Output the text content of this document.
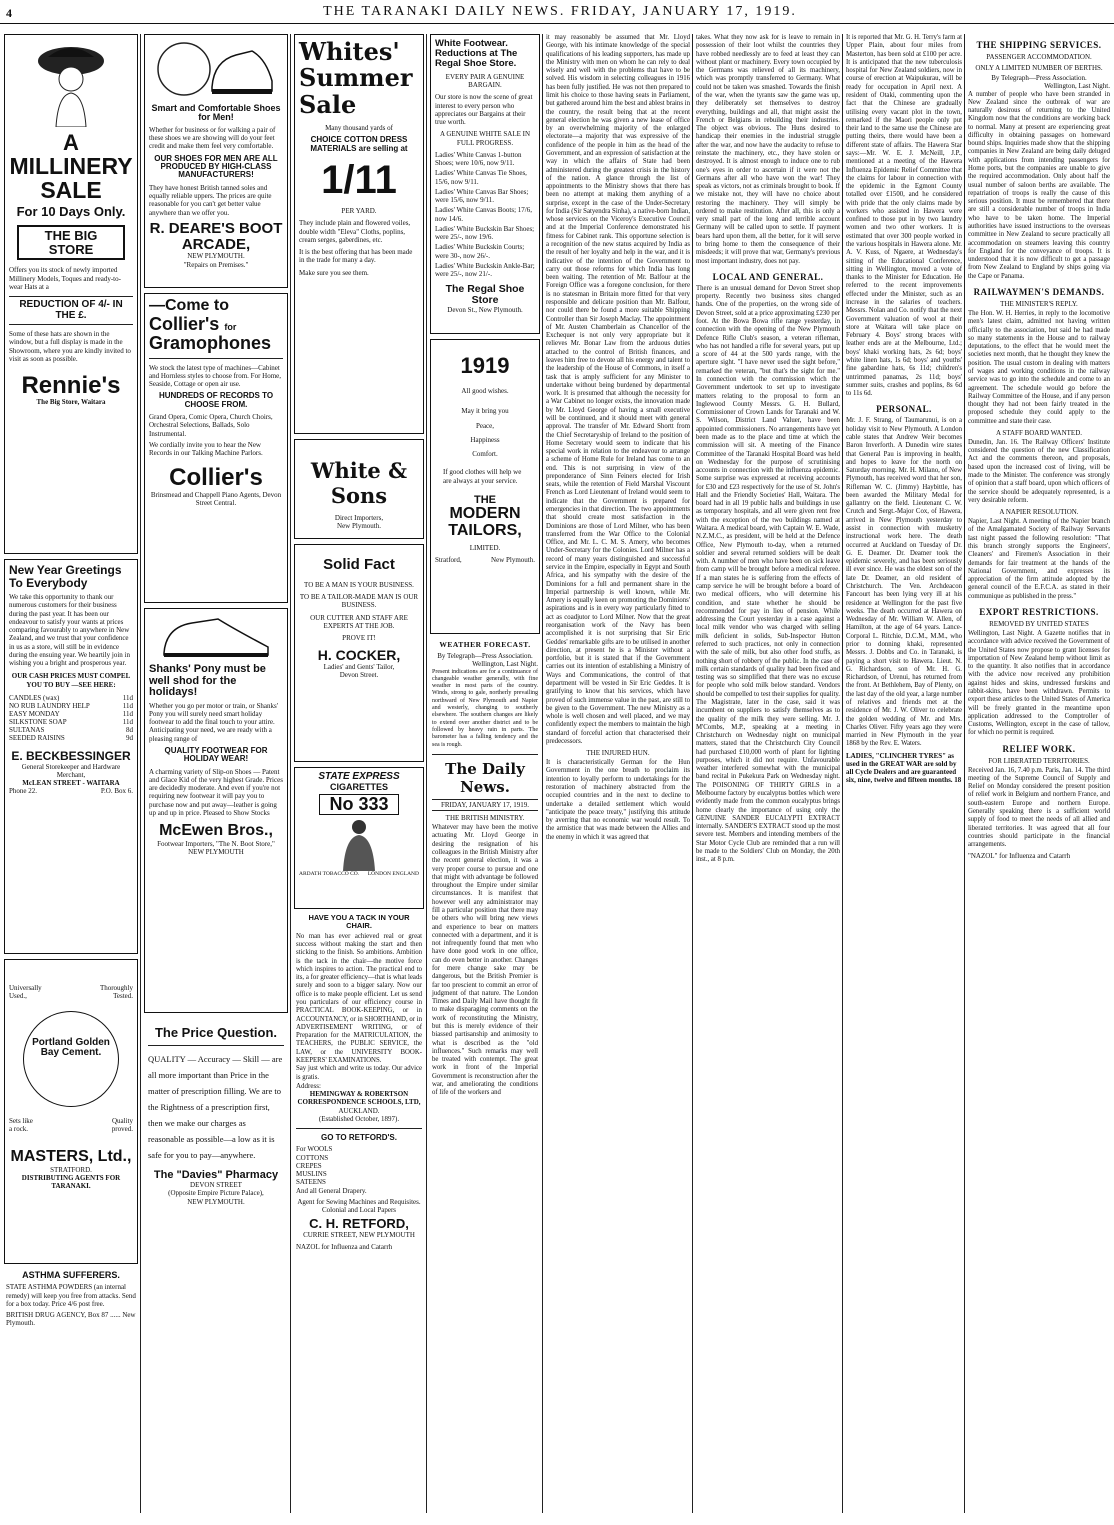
4	THE TARANAKI DAILY NEWS. FRIDAY, JANUARY 17, 1919.
A
MILLINERY SALE
For 10 Days Only.
THE BIG STORE

Offers you its stock of newly imported Millinery Models, Toques and ready-to-wear Hats at a

REDUCTION OF 4/- IN THE £.

Some of these hats are shown in the window, but a full display is made in the Showroom, where you are kindly invited to visit as soon as possible.

Rennie's
The Big Store, Waitara
New Year Greetings To Everybody

We take this opportunity to thank our numerous customers for their business during the past year. It has been our endeavour to satisfy your wants at prices comparing favourably to anywhere in New Zealand, and we trust that your confidence in us as a store, will still be in evidence during the ensuing year. We heartily join in wishing you a bright and prosperous year.

OUR CASH PRICES MUST COMPEL YOU TO BUY —SEE HERE:
CANDLES (wax)	11d
NO RUB LAUNDRY HELP	11d
EASY MONDAY	11d
SILKSTONE SOAP	11d
SULTANAS	8d
SEEDED RAISINS	9d
E. BECKBESSINGER

General Storekeeper and Hardware Merchant,

McLEAN STREET - WAITARA

Phone 22.	P.O. Box 6.
Universally	Thoroughly
Used.,	Tested.
Portland Golden Bay Cement.
Sets like	Quality
a rock.	proved.
MASTERS, Ltd.,
STRATFORD.
DISTRIBUTING AGENTS FOR TARANAKI.
ASTHMA SUFFERERS.

STATE ASTHMA POWDERS (an internal remedy) will keep you free from attacks. Send for a box today. Price 4/6 post free.

BRITISH DRUG AGENCY, Box 87 ...... New Plymouth.

Smart and Comfortable Shoes for Men!

Whether for business or for walking a pair of these shoes we are showing will do your feet credit and make them feel very comfortable.

OUR SHOES FOR MEN ARE ALL PRODUCED BY HIGH-CLASS MANUFACTURERS!

They have honest British tanned soles and equally reliable uppers. The prices are quite reasonable for you can't get better value anywhere than we offer you.

R. DEARE'S BOOT ARCADE,
NEW PLYMOUTH.
"Repairs on Premises."
—Come to
Collier's for
Gramophones

We stock the latest type of machines—Cabinet and Hornless styles to choose from. For Home, Seaside, Cottage or open air use.

HUNDREDS OF RECORDS TO CHOOSE FROM.

Grand Opera, Comic Opera, Church Choirs, Orchestral Selections, Ballads, Solo Instrumental.

We cordially invite you to hear the New Records in our Talking Machine Parlors.

Collier's

Brinsmead and Chappell Piano Agents, Devon Street Central.

Shanks' Pony must be well shod for the holidays!

Whether you go per motor or train, or Shanks' Pony you will surely need smart holiday footwear to add the final touch to your attire. Anticipating your need, we are ready with a pleasing range of

QUALITY FOOTWEAR FOR HOLIDAY WEAR!

A charming variety of Slip-on Shoes — Patent and Glace Kid of the very highest Grade. Prices are decidedly moderate. And even if you're not requiring new footwear it will pay you to purchase now and put away—leather is going up and up in price. Pleased to Show Stocks

McEwen Bros.,

Footwear Importers, "The N. Boot Store," NEW PLYMOUTH

The Price Question.

QUALITY — Accuracy — Skill — are all more important than Price in the matter of prescription filling. We are to the Rightness of a prescription first, then we make our charges as reasonable as possible—a low as it is safe for you to pay—anywhere.

The "Davies" Pharmacy
DEVON STREET
(Opposite Empire Picture Palace),
NEW PLYMOUTH.
Whites' Summer Sale

Many thousand yards of

CHOICE COTTON DRESS MATERIALS are selling at
1/11
PER YARD.

They include plain and flowered voiles, double width "Eleva" Cloths, poplins, cream serges, gaberdines, etc.

It is the best offering that has been made in the trade for many a day.

Make sure you see them.

White & Sons
Direct Importers,
New Plymouth.
Solid Fact

TO BE A MAN IS YOUR BUSINESS.

TO BE A TAILOR-MADE MAN IS OUR BUSINESS.

OUR CUTTER AND STAFF ARE EXPERTS AT THE JOB.

PROVE IT!

H. COCKER,
Ladies' and Gents' Tailor,
Devon Street.
STATE EXPRESS
CIGARETTES
No 333
ARDATH TOBACCO CO. LONDON ENGLAND
HAVE YOU A TACK IN YOUR CHAIR.

No man has ever achieved real or great success without making the start and then sticking to the finish. So ambitions. Ambition is the tack in the chair—the motive force which inspires to action. The practical end to its, a for greater efficiency—that is what leads surely and soon to a bigger salary. Now our office is to make people efficient. Let us send you particulars of our efficiency course in PRACTICAL BOOK-KEEPING, or in ACCOUNTANCY, or in SHORTHAND, or in ADVERTISEMENT WRITING, or of Preparation for the MATRICULATION, the TEACHERS, the PUBLIC SERVICE, the LAW, or the UNIVERSITY BOOK-KEEPERS' EXAMINATIONS.

Say just which and write us today. Our advice is gratis.

Address:

HEMINGWAY & ROBERTSON CORRESPONDENCE SCHOOLS, LTD,

AUCKLAND.

(Established October, 1897).

GO TO RETFORD'S.
For WOOLS
COTTONS
CREPES
MUSLINS
SATEENS
And all General Drapery.

Agent for Sewing Machines and Requisites.

Colonial and Local Papers

C. H. RETFORD,

CURRIE STREET, NEW PLYMOUTH

NAZOL for Influenza and Catarrh

White Footwear. Reductions at The Regal Shoe Store.
EVERY PAIR A GENUINE BARGAIN.

Our store is now the scene of great interest to every person who appreciates our Bargains at their true worth.

A GENUINE WHITE SALE IN FULL PROGRESS.

Ladies' White Canvas 1-button Shoes; were 10/6, now 9/11.

Ladies' White Canvas Tie Shoes, 15/6, now 9/11.

Ladies' White Canvas Bar Shoes; were 15/6, now 9/11.

Ladies' White Canvas Boots; 17/6, now 14/6.

Ladies' White Buckskin Bar Shoes; were 25/-, now 19/6.

Ladies' White Buckskin Courts; were 30-, now 26/-.

Ladies' White Buckskin Ankle-Bar; were 25/-, now 21/-.

The Regal Shoe Store
Devon St., New Plymouth.
1919
All good wishes.
May it bring you
Peace,
Happiness
Comfort.

If good clothes will help we are always at your service.

THE
MODERN
TAILORS,
LIMITED.
Stratford,	New Plymouth.
WEATHER FORECAST.

By Telegraph—Press Association.

Wellington, Last Night.

Present indications are for a continuance of changeable weather generally, with fine weather in most parts of the country. Winds, strong to gale, northerly prevailing northward of New Plymouth and Napier and westerly, changing to southerly elsewhere. The southern changes are likely to extend over another district and to be followed by heavy rain in parts. The barometer has a falling tendency and the sea is rough.

The Daily News.

FRIDAY, JANUARY 17, 1919.

THE BRITISH MINISTRY.

Whatever may have been the motive actuating Mr. Lloyd George in desiring the resignation of his colleagues in the British Ministry after the recent general election, it was a very proper course to pursue and one that might with advantage be followed throughout the Empire under similar circumstances. It is manifest that however well any administrator may fill a particular position that there may be others who will bring new views and experience to bear on matters connected with a department, and it is not infrequently found that men who have done good work in one office, can do even better in another. Changes for mere change sake may be dangerous, but the British Premier is far too prescient to commit an error of judgment of that nature. The London Times and Daily Mail have thought fit to make disparaging comments on the work of reconstituting the Ministry, but this is merely evidence of their biassed partisanship and animosity to what is described as the "old influences." Such remarks may well be treated with contempt. The great work in front of the Imperial Government is reconstruction after the war, and ameliorating the conditions of life of the workers and

it may reasonably be assumed that Mr. Lloyd George, with his intimate knowledge of the special qualifications of his leading supporters, has made up the Ministry with men on whom he can rely to deal wisely and well with the problems that have to be solved. His wisdom in selecting colleagues in 1916 has been fully justified. He was not then prepared to limit his choice to those having seats in Parliament, but gathered around him the best and ablest brains in the country, the result being that at the recent general election he was given a new lease of office by an overwhelming majority of the enlarged electorate—a majority that was expressive of the confidence of the people in him as the head of the Government, and an expression of satisfaction at the way in which the affairs of State had been administered during the greatest crisis in the history of the nation. A glance through the list of appointments to the Ministry shows that there has been no attempt at making them anything of a surprise, except in the case of the Under-Secretary for India (Sir Satyendra Sinha), a native-born Indian, whose services on the Viceroy's Executive Council and at the Imperial Conference demonstrated his fitness for Cabinet rank. This opportune selection is a recognition of the new status acquired by India as the result of her loyalty and help in the war, and it is indicative of the intention of the Government to carry out those reforms for which India has long been waiting. The retention of Mr. Balfour at the Foreign Office was a foregone conclusion, for there is no statesman in Britain more fitted for that very responsible and delicate position than Mr. Balfour, nor could there be found a more suitable Shipping Controller than Sir Joseph Maclay. The appointment of Mr. Austen Chamberlain as Chancellor of the Exchequer is not only very appropriate but it relieves Mr. Bonar Law from the arduous duties attached to the control of British finances, and leaves him free to devote all his energy and talent to the leadership of the House of Commons, in itself a task that is amply sufficient for any Minister to undertake without being burdened by departmental work. It is presumed that although the necessity for a War Cabinet no longer exists, the innovation made by Mr. Lloyd George of having a small executive will be continued, and it should meet with general approval. The transfer of Mr. Edward Shortt from the Chief Secretaryship of Ireland to the position of Home Secretary would seem to indicate that his special work in relation to the endeavour to arrange a scheme of Home Rule for Ireland has come to an end. This is not surprising in view of the preponderance of Sinn Feiners elected for Irish seats, while the retention of Field Marshal Viscount French as Lord Lieutenant of Ireland would seem to indicate that the Government is prepared for emergencies in that direction. The two appointments that should create most satisfaction in the Dominions are those of Lord Milner, who has been transferred from the War Office to the Colonial Office, and Mr. L. C. M. S. Amery, who becomes Under-Secretary for the Colonies. Lord Milner has a record of many years distinguished and successful service in the Empire, especially in Egypt and South Africa, and his sympathy with the desire of the Dominions for a full and permanent share in the Imperial partnership is well known, while Mr. Amery is equally keen on promoting the Dominions' aspirations and is in every way particularly fitted to act as coadjutor to Lord Milner. Now that the great reorganisation work of the Navy has been accomplished it is not surprising that Sir Eric Geddes' remarkable gifts are to be utilised in another direction, at present he is a Minister without a portfolio, but it is stated that if the Government carries out its intention of establishing a Ministry of Ways and Communications, the control of that department will be vested in Sir Eric Geddes. It is gratifying to know that his services, which have proved of such immense value in the past, are still to be given to the Government. The new Ministry as a whole is well chosen and well placed, and we may confidently expect the members to maintain the high standard of forceful action that characterised their predecessors.

THE INJURED HUN.

It is characteristically German for the Hun Government in the one breath to proclaim its intention to loyally perform to undertakings for the restoration of machinery abstracted from the occupied countries and in the next to decline to undertake a detailed settlement which would "anticipate the peace treaty," justifying this attitude by averring that no economic war would result. To the armistice that was made between the Allies and the enemy in which it was agreed that

takes. What they now ask for is leave to remain in possession of their loot whilst the countries they have robbed needlessly are to feed at least they can without plant or machinery. Every town occupied by the Germans was relieved of all its machinery, which was promptly transferred to Germany. What could not be taken was smashed. Towards the finish of the war, when the tyrants saw the game was up, they deliberately set themselves to destroy everything, buildings and all, that might assist the French or Belgians in rebuilding their industries. The object was obvious. The Huns desired to handicap their enemies in the industrial struggle after the war, and now have the audacity to refuse to reinstate the machinery, etc., they have stolen or destroyed. It is almost enough to induce one to rub one's eyes in order to ascertain if it were not the Germans after all who have won the war! They speak as victors, not as criminals brought to book. If we mistake not, they will have no choice about restoring the machinery. They will simply be ordered to make restitution. After all, this is only a very small part of the long and terrible account Germany will be called upon to settle. If payment bears hard upon them, all the better, for it will serve to bring home to them the consequence of their misdeeds; it will prove that war, Germany's previous most important industry, does not pay.

LOCAL AND GENERAL.

There is an unusual demand for Devon Street shop property. Recently two business sites changed hands. One of the properties, on the wrong side of Devon Street, sold at a price approximating £230 per foot. At the Bowa Bowa rifle range yesterday, in connection with the opening of the New Plymouth Defence Rifle Club's season, a veteran rifleman, who has not handled a rifle for several years, put up a score of 44 at the 500 yards range, with the aperture sight. "I have never used the sight before," remarked the veteran, "but that's the sight for me." In connection with the commission which the Government undertook to set up to investigate matters relating to the proposal to form an Inglewood County Messrs. G. H. Bullard, Commissioner of Crown Lands for Taranaki and W. S. Wilson, District Land Valuer, have been appointed commissioners. No arrangements have yet been made as to the place and time at which the commission will sit. A meeting of the Finance Committee of the Taranaki Hospital Board was held on Wednesday for the purpose of scrutinising accounts in connection with the influenza epidemic. Some surprise was expressed at receiving accounts for £30 and £23 respectively for the use of St. John's Hall and the Friendly Societies' Hall, Waitara. The board had in all 19 public halls and buildings in use as temporary hospitals, and all were given rent free with the exception of the two buildings named at Waitara. A medical board, with Captain W. E. Wade, N.Z.M.C., as president, will be held at the Defence Office, New Plymouth to-day, when a returned soldier and several returned soldiers will be dealt with. A number of men who have been on sick leave from camp will be brought before a medical referee. If a man states he is suffering from the effects of camp service he will be brought before a board of two medical officers, who will determine his condition, and state whether he should be recommended for pay in lieu of pension. While addressing the Court yesterday in a case against a local milk vendor who was charged with selling milk deficient in solids, Sub-Inspector Hutton referred to such practices, not only in connection with the sale of milk, but also other food stuffs, as nothing short of robbery of the public. In the case of milk certain standards of quality had been fixed and testing was so simplified that there was no excuse for people who sold milk below standard. Vendors should be compelled to test their supplies for quality. The Magistrate, later in the case, said it was incumbent on suppliers to satisfy themselves as to the quality of the milk they were selling. Mr. J. M'Combs, M.P., speaking at a meeting in Christchurch on Wednesday night on municipal matters, stated that the Christchurch City Council had purchased £10,000 worth of plant for lighting purposes, which it did not require. Unfavourable weather interfered somewhat with the municipal band recital in Pukekura Park on Wednesday night. The POISONING OF THIRTY GIRLS in a Melbourne factory by eucalyptus bottles which were evidently made from the common eucalyptus brings home clearly the importance of using only the GENUINE SANDER EUCALYPTI EXTRACT internally. SANDER'S EXTRACT stood up the most severe test. Members and intending members of the Star Motor Cycle Club are reminded that a run will be made to the Soldiers' Club on Monday, the 20th inst., at 8 p.m.

It is reported that Mr. G. H. Terry's farm at Upper Plain, about four miles from Masterton, has been sold at £100 per acre. It is anticipated that the new tuberculosis hospital for New Zealand soldiers, now in course of erection at Waipukurau, will be ready for occupation in April next. A resident of Otaki, commenting upon the fact that the Chinese are gradually utilising every vacant plot in the town, remarked if the Maori people only put their land to the same use the Chinese are putting theirs, there would have been a different state of affairs. The Hawera Star says:—Mr. W. E. J. McNeill, J.P., mentioned at a meeting of the Hawera Influenza Epidemic Relief Committee that the claims for labour in connection with the epidemic in the Egmont County totalled over £1500, and he considered with pride that the only claims made by workers who assisted in Hawera were confined to those put in by two laundry women and two other workers. It is estimated that over 300 people worked in the various hospitals in Hawera alone. Mr. A. V. Kuss, of Ngaere, at Wednesday's sitting of the Educational Conference, sitting in Wellington, moved a vote of thanks to the Minister for Education. He referred to the recent improvements effected under the Minister, such as an increase in the salaries of teachers. Messrs. Nolan and Co. notify that the next Government valuation of wool at their store at Waitara will take place on February 4. Boys' strong braces with leather ends are at the Melbourne, Ltd.; boys' khaki working hats, 2s 6d; boys' white linen hats, 1s 6d; boys' and youths' fine gabardine hats, 6s 11d; children's untrimmed panamas, 2s 11d; boys' summer suits, crashes and poplins, 8s 6d to 11s 6d.

PERSONAL.

Mr. J. F. Strang, of Taumarunui, is on a holiday visit to New Plymouth. A London cable states that Andrew Weir becomes Baron Inverforth. A Dunedin wire states that General Pau is improving in health, and hopes to leave for the north on Saturday morning. Mr. H. Milano, of New Plymouth, has received word that her son, Rifleman W. C. (Jimmy) Haybittle, has been awarded the Military Medal for gallantry on the field. Lieutenant C. W. Crutch and Sergt.-Major Cox, of Hawera, arrived in New Plymouth yesterday to assist in connection with musketry instructional work here. The death occurred at Auckland on Tuesday of Dr. G. E. Deamer. Dr. Deamer took the epidemic severely, and has been seriously ill ever since. He was the eldest son of the late Dr. Deamer, an old resident of Christchurch. The Ven. Archdeacon Fancourt has been lying very ill at his residence at Wellington for the past five weeks. The death occurred at Hawera on Wednesday of Mr. William W. Allen, of Hamilton, at the age of 64 years. Lance-Corporal L. Ritchie, D.C.M., M.M., who prior to donning khaki, represented Messrs. J. Dobbs and Co. in Taranaki, is paying a short visit to Hawera. Lieut. N. G. Richardson, son of Mr. H. G. Richardson, of Urenui, has returned from the front. At Bethlehem, Bay of Plenty, on the last day of the old year, a large number of relatives and friends met at the residence of Mr. J. W. Oliver to celebrate the golden wedding of Mr. and Mrs. Charles Oliver. Fifty years ago they were married in New Plymouth in the year 1868 by the Rev. E. Waters.

LADIES, "CLINCHER TYRES" as used in the GREAT WAR are sold by all Cycle Dealers and are guaranteed six, nine, twelve and fifteen months. 18

THE SHIPPING SERVICES.
PASSENGER ACCOMMODATION.
ONLY A LIMITED NUMBER OF BERTHS.

By Telegraph—Press Association.

Wellington, Last Night.

A number of people who have been stranded in New Zealand since the outbreak of war are naturally desirous of returning to the United Kingdom now that the conditions are working back to normal. Many at present are experiencing great difficulty in obtaining passages on homeward bound ships. Inquiries made show that the shipping companies in New Zealand are being daily deluged with applications from intending passengers for Home ports, but the companies are unable to give the required accommodation. Only about half the usual number of saloon berths are available. The repatriation of troops is really the cause of this serious position. It must be remembered that there are still a considerable number of troops in India who have to be taken home. The Imperial authorities have issued instructions to the overseas committee in New Zealand to secure practically all accommodation on steamers leaving this country for England for the conveyance of troops. It is understood that it is now difficult to get a passage from New Zealand to England by ships going via the Cape or Panama.

RAILWAYMEN'S DEMANDS.
THE MINISTER'S REPLY.

The Hon. W. H. Herries, in reply to the locomotive men's latest claim, admitted not having written officially to the association, but said he had made so many statements in the House and to railway deputations, to the effect that he would meet the societies next month, that he thought they knew the position. The usual custom in dealing with matters of wages and working conditions in the railway service was to go into the schedule and come to an agreement. The schedule would go before the Railway Committee of the House, and if any person thought they had not been fairly treated in the proposed schedule they could apply to the committee and state their case.

A STAFF BOARD WANTED.

Dunedin, Jan. 16. The Railway Officers' Institute considered the question of the new Classification Act and the comments thereon, and proposals, based upon the increased cost of living, will be made to the Minister. The conference was strongly of opinion that a staff board, upon which officers of the service should be adequately represented, is a very desirable reform.

A NAPIER RESOLUTION.

Napier, Last Night. A meeting of the Napier branch of the Amalgamated Society of Railway Servants last night passed the following resolution: "That this branch strongly supports the Engineers', Cleaners' and Firemen's Association in their demands for fair treatment at the hands of the National Government, and expresses its appreciation of the firm attitude adopted by the general council of the E.F.C.A. as stated in their communique as published in the press."

EXPORT RESTRICTIONS.
REMOVED BY UNITED STATES

Wellington, Last Night. A Gazette notifies that in accordance with advice received the Government of the United States now propose to grant licenses for importation of New Zealand hemp without limit as to the quantity. It also notifies that in accordance with the advice now received any prohibition against hides and skins, undressed furskins and rabbit-skins, have been withdrawn. Permits to export these articles to the United States of America will be freely granted in the meantime upon application addressed to the Comptroller of Customs, Wellington, except in the case of tallow, for which no permit is required.

RELIEF WORK.
FOR LIBERATED TERRITORIES.

Received Jan. 16, 7.40 p.m. Paris, Jan. 14. The third meeting of the Supreme Council of Supply and Relief on Monday considered the present position of relief work in Belgium and northern France, and south-eastern Europe and northern Europe. Generally speaking there is a sufficient world supply of food to meet the needs of all allied and liberated territories. It was agreed that all four countries should participate in the financial arrangements.

"NAZOL" for Influenza and Catarrh
